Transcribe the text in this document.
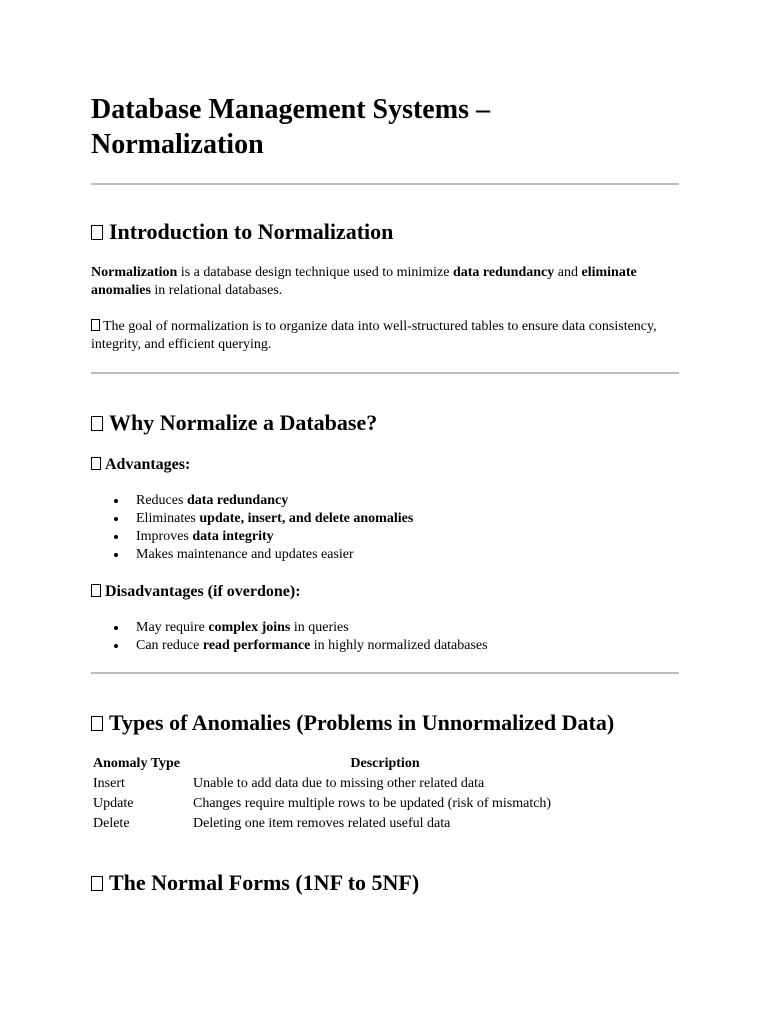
Database Management Systems – Normalization
Introduction to Normalization

Normalization is a database design technique used to minimize data redundancy and eliminate anomalies in relational databases.

The goal of normalization is to organize data into well-structured tables to ensure data consistency, integrity, and efficient querying.

Why Normalize a Database?
Advantages:
Reduces data redundancy
Eliminates update, insert, and delete anomalies
Improves data integrity
Makes maintenance and updates easier
Disadvantages (if overdone):
May require complex joins in queries
Can reduce read performance in highly normalized databases
Types of Anomalies (Problems in Unnormalized Data)
Anomaly Type	Description
Insert	Unable to add data due to missing other related data
Update	Changes require multiple rows to be updated (risk of mismatch)
Delete	Deleting one item removes related useful data
The Normal Forms (1NF to 5NF)
